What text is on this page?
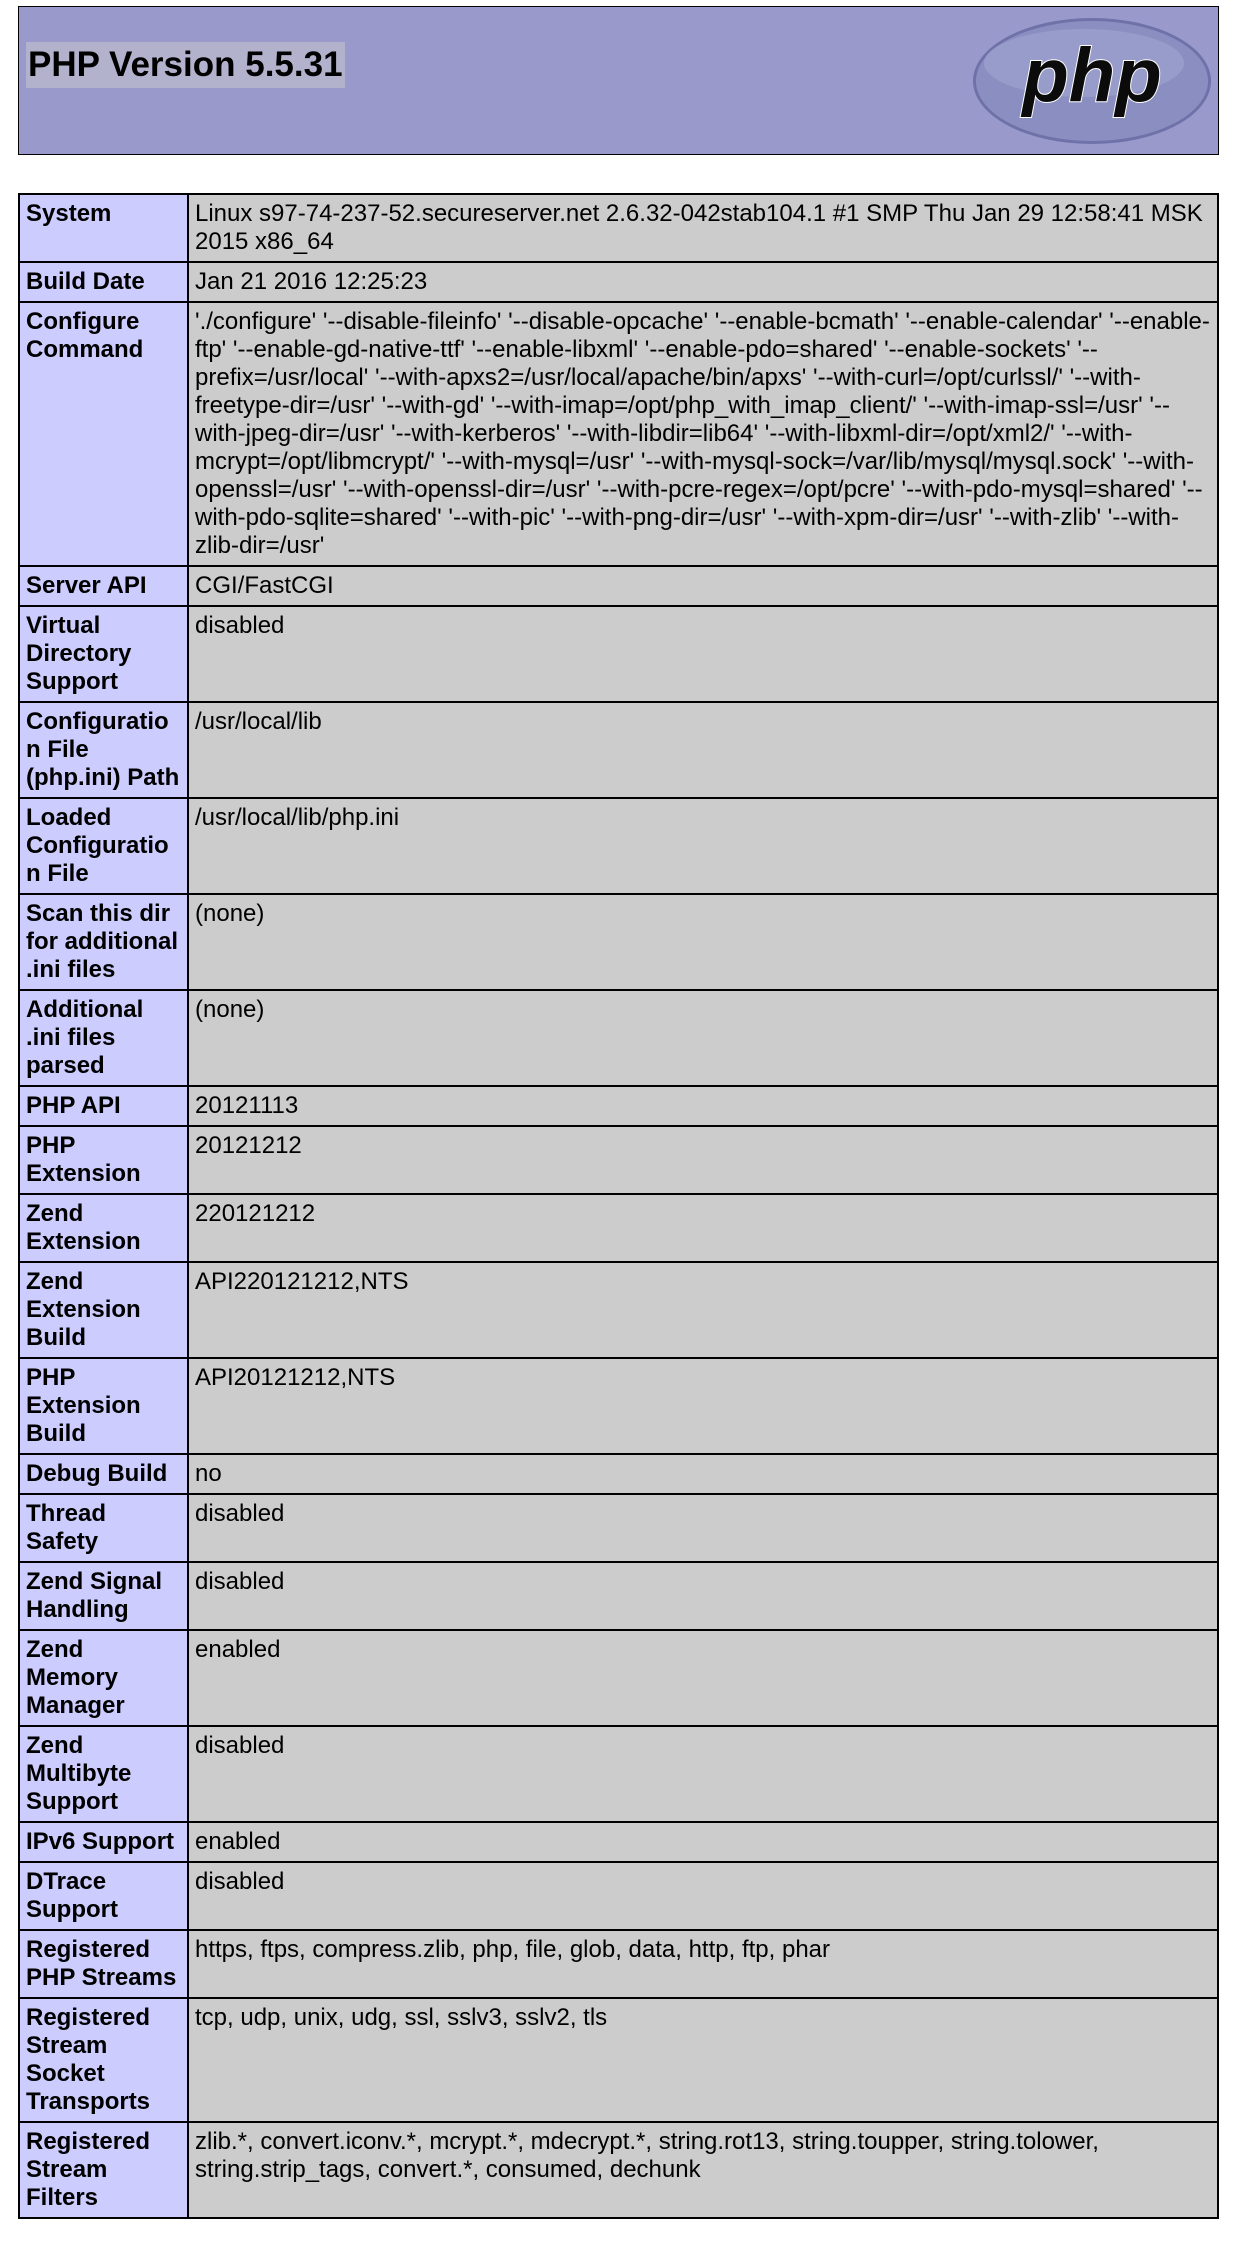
PHP Version 5.5.31	php
System	Linux s97-74-237-52.secureserver.net 2.6.32-042stab104.1 #1 SMP Thu Jan 29 12:58:41 MSK 2015 x86_64
Build Date	Jan 21 2016 12:25:23
Configure Command	'./configure' '--disable-fileinfo' '--disable-opcache' '--enable-bcmath' '--enable-calendar' '--enable-ftp' '--enable-gd-native-ttf' '--enable-libxml' '--enable-pdo=shared' '--enable-sockets' '--prefix=/usr/local' '--with-apxs2=/usr/local/apache/bin/apxs' '--with-curl=/opt/curlssl/' '--with-freetype-dir=/usr' '--with-gd' '--with-imap=/opt/php_with_imap_client/' '--with-imap-ssl=/usr' '--with-jpeg-dir=/usr' '--with-kerberos' '--with-libdir=lib64' '--with-libxml-dir=/opt/xml2/' '--with-mcrypt=/opt/libmcrypt/' '--with-mysql=/usr' '--with-mysql-sock=/var/lib/mysql/mysql.sock' '--with-openssl=/usr' '--with-openssl-dir=/usr' '--with-pcre-regex=/opt/pcre' '--with-pdo-mysql=shared' '--with-pdo-sqlite=shared' '--with-pic' '--with-png-dir=/usr' '--with-xpm-dir=/usr' '--with-zlib' '--with-zlib-dir=/usr'
Server API	CGI/FastCGI
Virtual Directory Support	disabled
Configuration File (php.ini) Path	/usr/local/lib
Loaded Configuration File	/usr/local/lib/php.ini
Scan this dir for additional .ini files	(none)
Additional .ini files parsed	(none)
PHP API	20121113
PHP Extension	20121212
Zend Extension	220121212
Zend Extension Build	API220121212,NTS
PHP Extension Build	API20121212,NTS
Debug Build	no
Thread Safety	disabled
Zend Signal Handling	disabled
Zend Memory Manager	enabled
Zend Multibyte Support	disabled
IPv6 Support	enabled
DTrace Support	disabled
Registered PHP Streams	https, ftps, compress.zlib, php, file, glob, data, http, ftp, phar
Registered Stream Socket Transports	tcp, udp, unix, udg, ssl, sslv3, sslv2, tls
Registered Stream Filters	zlib.*, convert.iconv.*, mcrypt.*, mdecrypt.*, string.rot13, string.toupper, string.tolower, string.strip_tags, convert.*, consumed, dechunk
